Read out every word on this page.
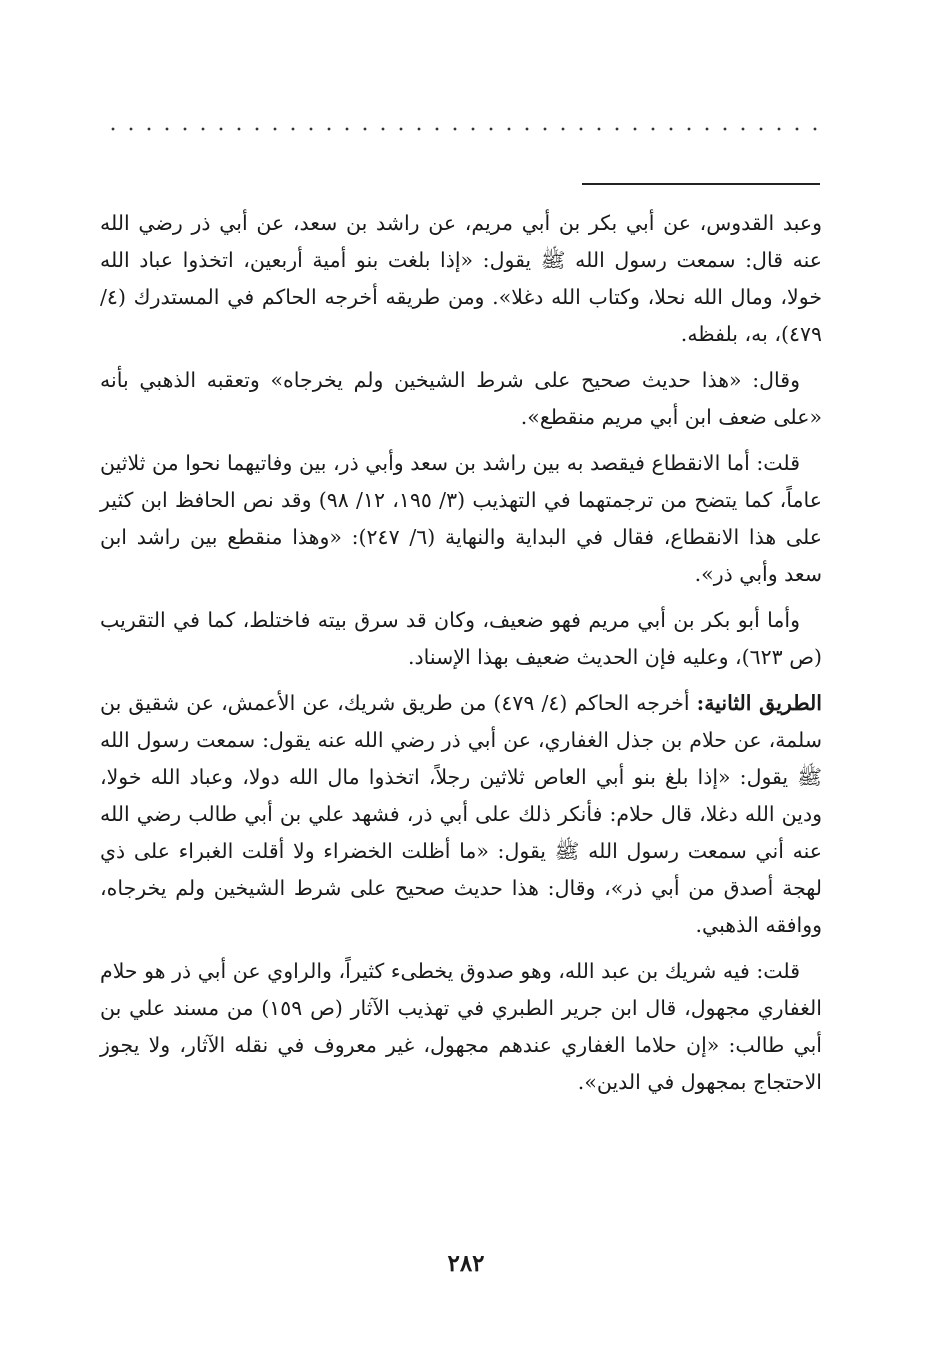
وعبد القدوس، عن أبي بكر بن أبي مريم، عن راشد بن سعد، عن أبي ذر رضي الله عنه قال: سمعت رسول الله ﷺ يقول: «إذا بلغت بنو أمية أربعين، اتخذوا عباد الله خولا، ومال الله نحلا، وكتاب الله دغلا». ومن طريقه أخرجه الحاكم في المستدرك (٤/ ٤٧٩)، به، بلفظه.

وقال: «هذا حديث صحيح على شرط الشيخين ولم يخرجاه» وتعقبه الذهبي بأنه «على ضعف ابن أبي مريم منقطع».

قلت: أما الانقطاع فيقصد به بين راشد بن سعد وأبي ذر، بين وفاتيهما نحوا من ثلاثين عاماً، كما يتضح من ترجمتهما في التهذيب (٣/ ١٩٥، ١٢/ ٩٨) وقد نص الحافظ ابن كثير على هذا الانقطاع، فقال في البداية والنهاية (٦/ ٢٤٧): «وهذا منقطع بين راشد ابن سعد وأبي ذر».

وأما أبو بكر بن أبي مريم فهو ضعيف، وكان قد سرق بيته فاختلط، كما في التقريب (ص ٦٢٣)، وعليه فإن الحديث ضعيف بهذا الإسناد.

الطريق الثانية: أخرجه الحاكم (٤/ ٤٧٩) من طريق شريك، عن الأعمش، عن شقيق بن سلمة، عن حلام بن جذل الغفاري، عن أبي ذر رضي الله عنه يقول: سمعت رسول الله ﷺ يقول: «إذا بلغ بنو أبي العاص ثلاثين رجلاً، اتخذوا مال الله دولا، وعباد الله خولا، ودين الله دغلا، قال حلام: فأنكر ذلك على أبي ذر، فشهد علي بن أبي طالب رضي الله عنه أني سمعت رسول الله ﷺ يقول: «ما أظلت الخضراء ولا أقلت الغبراء على ذي لهجة أصدق من أبي ذر»، وقال: هذا حديث صحيح على شرط الشيخين ولم يخرجاه، ووافقه الذهبي.

قلت: فيه شريك بن عبد الله، وهو صدوق يخطىء كثيراً، والراوي عن أبي ذر هو حلام الغفاري مجهول، قال ابن جرير الطبري في تهذيب الآثار (ص ١٥٩) من مسند علي بن أبي طالب: «إن حلاما الغفاري عندهم مجهول، غير معروف في نقله الآثار، ولا يجوز الاحتجاج بمجهول في الدين».

٢٨٢
